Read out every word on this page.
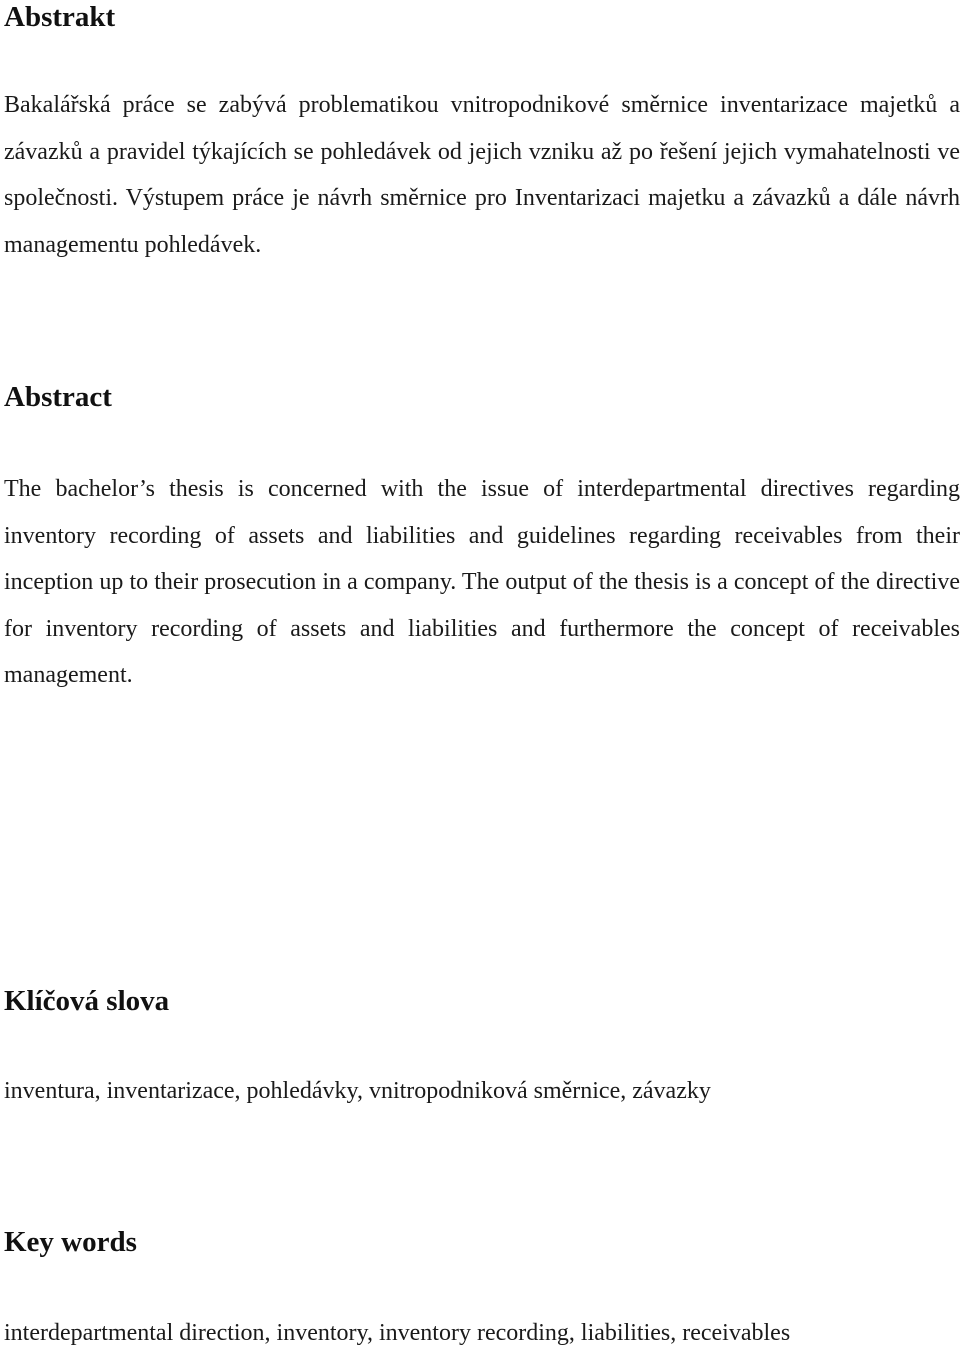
Abstrakt

Bakalářská práce se zabývá problematikou vnitropodnikové směrnice inventarizace majetků a závazků a pravidel týkajících se pohledávek od jejich vzniku až po řešení jejich vymahatelnosti ve společnosti. Výstupem práce je návrh směrnice pro Inventarizaci majetku a závazků a dále návrh managementu pohledávek.

Abstract

The bachelor’s thesis is concerned with the issue of interdepartmental directives regarding inventory recording of assets and liabilities and guidelines regarding receivables from their inception up to their prosecution in a company. The output of the thesis is a concept of the directive for inventory recording of assets and liabilities and furthermore the concept of receivables management.

Klíčová slova

inventura, inventarizace, pohledávky, vnitropodniková směrnice, závazky

Key words

interdepartmental direction, inventory, inventory recording, liabilities, receivables
